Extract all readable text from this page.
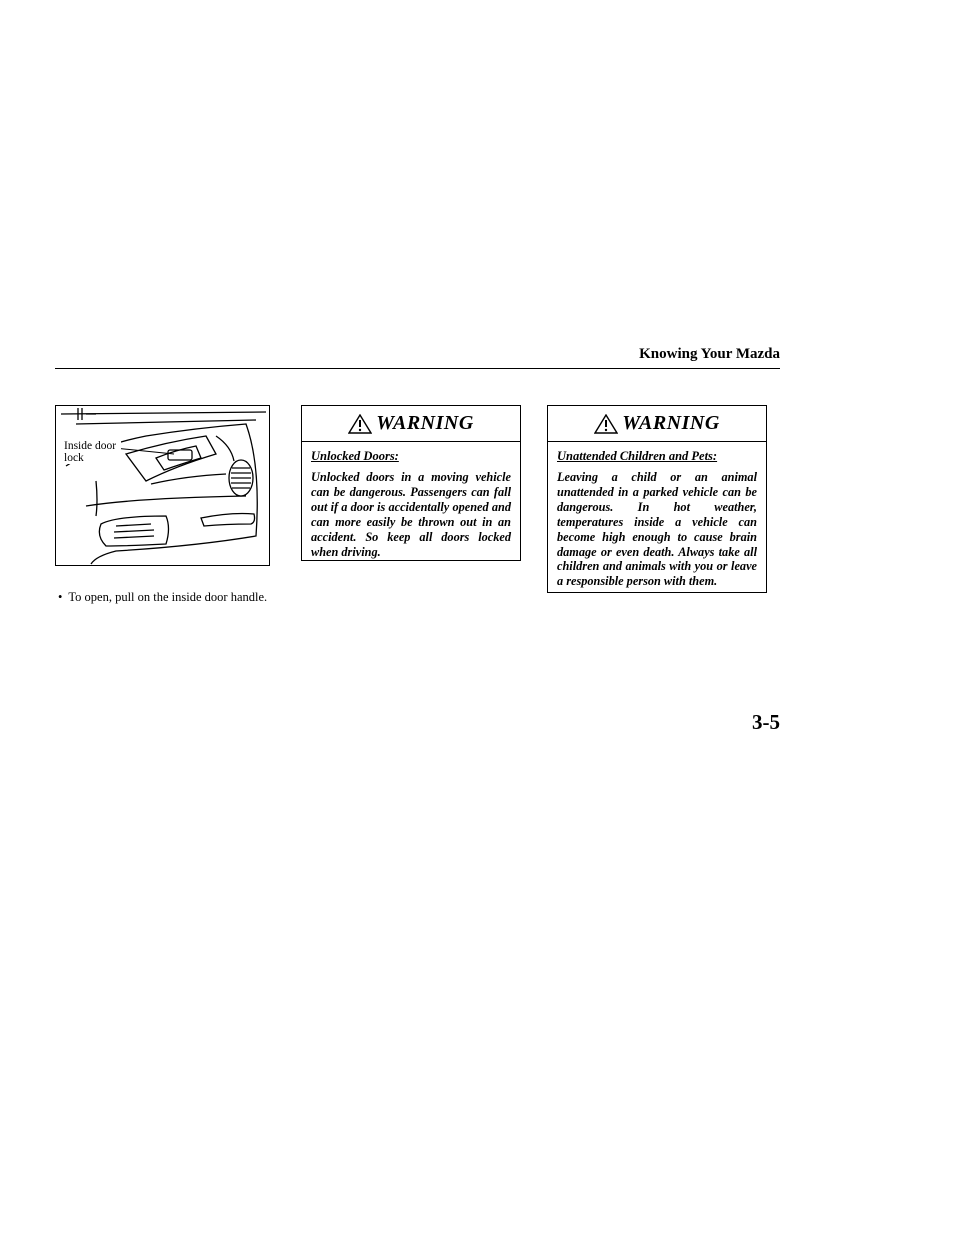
Knowing Your Mazda
Inside door lock
• To open, pull on the inside door handle.
WARNING
Unlocked Doors:

Unlocked doors in a moving vehicle can be dangerous. Passengers can fall out if a door is accidentally opened and can more easily be thrown out in an accident. So keep all doors locked when driving.

WARNING
Unattended Children and Pets:

Leaving a child or an animal unattended in a parked vehicle can be dangerous. In hot weather, temperatures inside a vehicle can become high enough to cause brain damage or even death. Always take all children and animals with you or leave a responsible person with them.

3-5
